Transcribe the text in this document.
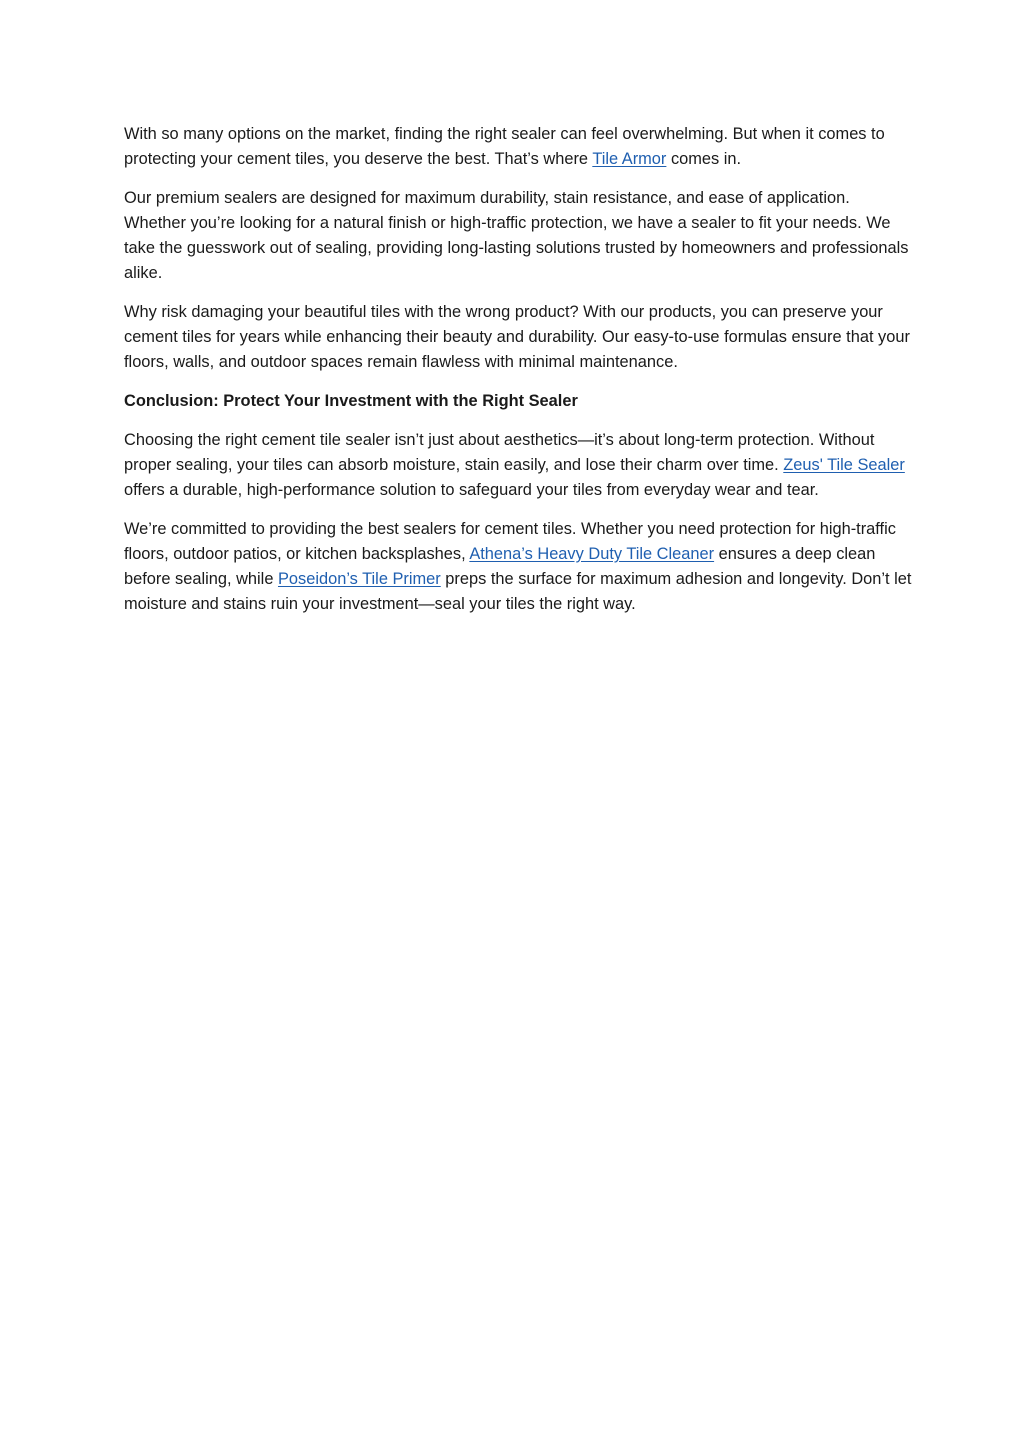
With so many options on the market, finding the right sealer can feel overwhelming. But when it comes to protecting your cement tiles, you deserve the best. That’s where Tile Armor comes in.

Our premium sealers are designed for maximum durability, stain resistance, and ease of application. Whether you’re looking for a natural finish or high-traffic protection, we have a sealer to fit your needs. We take the guesswork out of sealing, providing long-lasting solutions trusted by homeowners and professionals alike.

Why risk damaging your beautiful tiles with the wrong product? With our products, you can preserve your cement tiles for years while enhancing their beauty and durability. Our easy-to-use formulas ensure that your floors, walls, and outdoor spaces remain flawless with minimal maintenance.

Conclusion: Protect Your Investment with the Right Sealer

Choosing the right cement tile sealer isn’t just about aesthetics—it’s about long-term protection. Without proper sealing, your tiles can absorb moisture, stain easily, and lose their charm over time. Zeus' Tile Sealer offers a durable, high-performance solution to safeguard your tiles from everyday wear and tear.

We’re committed to providing the best sealers for cement tiles. Whether you need protection for high-traffic floors, outdoor patios, or kitchen backsplashes, Athena’s Heavy Duty Tile Cleaner ensures a deep clean before sealing, while Poseidon’s Tile Primer preps the surface for maximum adhesion and longevity. Don’t let moisture and stains ruin your investment—seal your tiles the right way.
